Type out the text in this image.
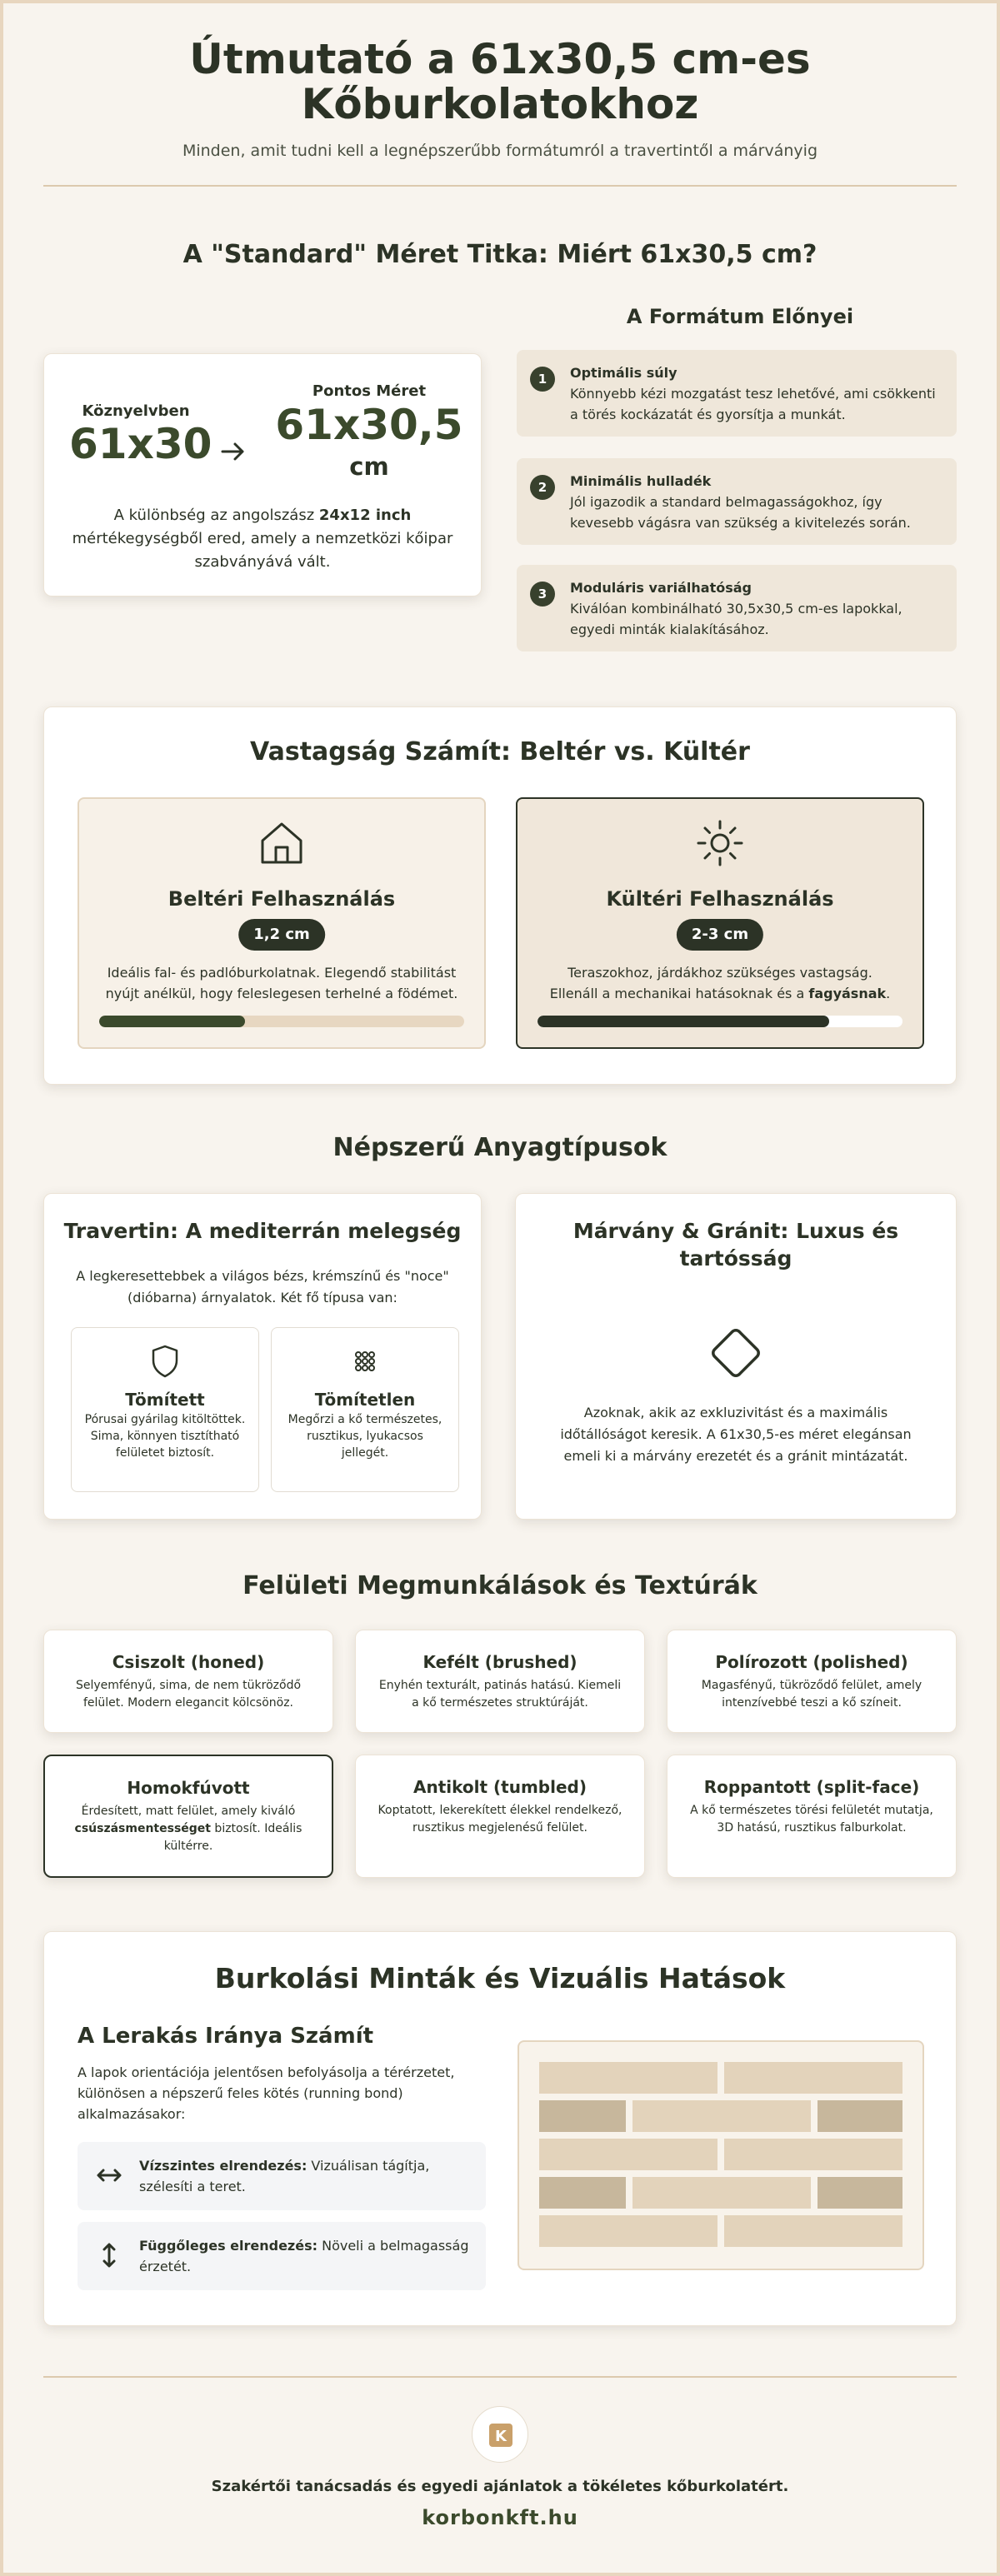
Útmutató a 61x30,5 cm-es
Kőburkolatokhoz
Minden, amit tudni kell a legnépszerűbb formátumról a travertintől a márványig
A "Standard" Méret Titka: Miért 61x30,5 cm?
Köznyelvben
61x30
Pontos Méret
61x30,5
cm
A különbség az angolszász 24x12 inch mértékegységből ered, amely a nemzetközi kőipar szabványává vált.
A Formátum Előnyei
1	Optimális súly
Könnyebb kézi mozgatást tesz lehetővé, ami csökkenti a törés kockázatát és gyorsítja a munkát.
2	Minimális hulladék
Jól igazodik a standard belmagasságokhoz, így kevesebb vágásra van szükség a kivitelezés során.
3	Moduláris variálhatóság
Kiválóan kombinálható 30,5x30,5 cm-es lapokkal, egyedi minták kialakításához.
Vastagság Számít: Beltér vs. Kültér
Beltéri Felhasználás
1,2 cm
Ideális fal- és padlóburkolatnak. Elegendő stabilitást nyújt anélkül, hogy feleslegesen terhelné a födémet.
Kültéri Felhasználás
2-3 cm
Teraszokhoz, járdákhoz szükséges vastagság. Ellenáll a mechanikai hatásoknak és a fagyásnak.
Népszerű Anyagtípusok
Travertin: A mediterrán melegség
A legkeresettebbek a világos bézs, krémszínű és "noce" (dióbarna) árnyalatok. Két fő típusa van:
Tömített
Pórusai gyárilag kitöltöttek. Sima, könnyen tisztítható felületet biztosít.
Tömítetlen
Megőrzi a kő természetes, rusztikus, lyukacsos jellegét.
Márvány & Gránit: Luxus és tartósság
Azoknak, akik az exkluzivitást és a maximális időtállóságot keresik. A 61x30,5-es méret elegánsan emeli ki a márvány erezetét és a gránit mintázatát.
Felületi Megmunkálások és Textúrák
Csiszolt (honed)
Selyemfényű, sima, de nem tükröződő felület. Modern elegancit kölcsönöz.
Kefélt (brushed)
Enyhén texturált, patinás hatású. Kiemeli a kő természetes struktúráját.
Polírozott (polished)
Magasfényű, tükröződő felület, amely intenzívebbé teszi a kő színeit.
Homokfúvott
Érdesített, matt felület, amely kiváló csúszásmentességet biztosít. Ideális kültérre.
Antikolt (tumbled)
Koptatott, lekerekített élekkel rendelkező, rusztikus megjelenésű felület.
Roppantott (split-face)
A kő természetes törési felületét mutatja, 3D hatású, rusztikus falburkolat.
Burkolási Minták és Vizuális Hatások
A Lerakás Iránya Számít
A lapok orientációja jelentősen befolyásolja a térérzetet, különösen a népszerű feles kötés (running bond) alkalmazásakor:
Vízszintes elrendezés: Vizuálisan tágítja, szélesíti a teret.
Függőleges elrendezés: Növeli a belmagasság érzetét.
K
Szakértői tanácsadás és egyedi ajánlatok a tökéletes kőburkolatért.
korbonkft.hu
